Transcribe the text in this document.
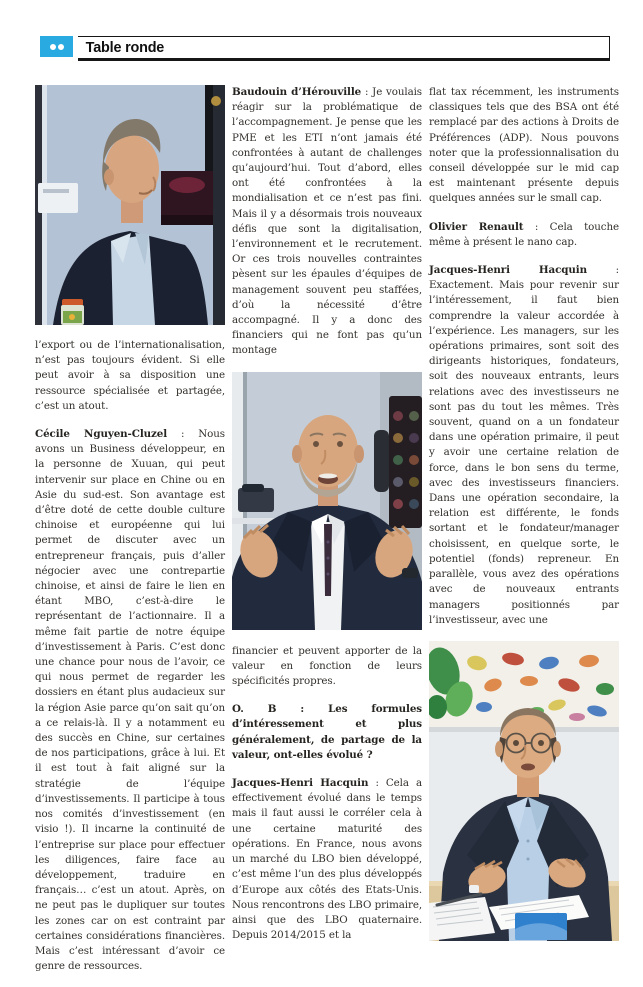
Table ronde

l’export ou de l’internationalisation, n’est pas toujours évident. Si elle peut avoir à sa disposition une ressource spécialisée et partagée, c’est un atout.

Cécile Nguyen-Cluzel : Nous avons un Business développeur, en la personne de Xuuan, qui peut intervenir sur place en Chine ou en Asie du sud-est. Son avantage est d’être doté de cette double culture chinoise et européenne qui lui permet de discuter avec un entrepreneur français, puis d’aller négocier avec une contrepartie chinoise, et ainsi de faire le lien en étant MBO, c’est-à-dire le représentant de l’actionnaire. Il a même fait partie de notre équipe d’investissement à Paris. C’est donc une chance pour nous de l’avoir, ce qui nous permet de regarder les dossiers en étant plus audacieux sur la région Asie parce qu’on sait qu’on a ce relais-là. Il y a notamment eu des succès en Chine, sur certaines de nos participations, grâce à lui. Et il est tout à fait aligné sur la stratégie de l’équipe d’investissements. Il participe à tous nos comités d’investissement (en visio !). Il incarne la continuité de l’entreprise sur place pour effectuer les diligences, faire face au développement, traduire en français… c’est un atout. Après, on ne peut pas le dupliquer sur toutes les zones car on est contraint par certaines considérations financières. Mais c’est intéressant d’avoir ce genre de ressources.

Baudouin d’Hérouville : Je voulais réagir sur la problématique de l’accompagnement. Je pense que les PME et les ETI n’ont jamais été confrontées à autant de challenges qu’aujourd’hui. Tout d’abord, elles ont été confrontées à la mondialisation et ce n’est pas fini. Mais il y a désormais trois nouveaux défis que sont la digitalisation, l’environnement et le recrutement. Or ces trois nouvelles contraintes pèsent sur les épaules d’équipes de management souvent peu staffées, d’où la nécessité d’être accompagné. Il y a donc des financiers qui ne font pas qu’un montage

financier et peuvent apporter de la valeur en fonction de leurs spécificités propres.

O. B : Les formules d’intéressement et plus généralement, de partage de la valeur, ont-elles évolué ?

Jacques-Henri Hacquin : Cela a effectivement évolué dans le temps mais il faut aussi le corréler cela à une certaine maturité des opérations. En France, nous avons un marché du LBO bien développé, c’est même l’un des plus développés d’Europe aux côtés des Etats-Unis. Nous rencontrons des LBO primaire, ainsi que des LBO quaternaire. Depuis 2014/2015 et la

flat tax récemment, les instruments classiques tels que des BSA ont été remplacé par des actions à Droits de Préférences (ADP). Nous pouvons noter que la professionnalisation du conseil développée sur le mid cap est maintenant présente depuis quelques années sur le small cap.

Olivier Renault : Cela touche même à présent le nano cap.

Jacques-Henri Hacquin : Exactement. Mais pour revenir sur l’intéressement, il faut bien comprendre la valeur accordée à l’expérience. Les managers, sur les opérations primaires, sont soit des dirigeants historiques, fondateurs, soit des nouveaux entrants, leurs relations avec des investisseurs ne sont pas du tout les mêmes. Très souvent, quand on a un fondateur dans une opération primaire, il peut y avoir une certaine relation de force, dans le bon sens du terme, avec des investisseurs financiers. Dans une opération secondaire, la relation est différente, le fonds sortant et le fondateur/manager choisissent, en quelque sorte, le potentiel (fonds) repreneur. En parallèle, vous avez des opérations avec de nouveaux entrants managers positionnés par l’investisseur, avec une
